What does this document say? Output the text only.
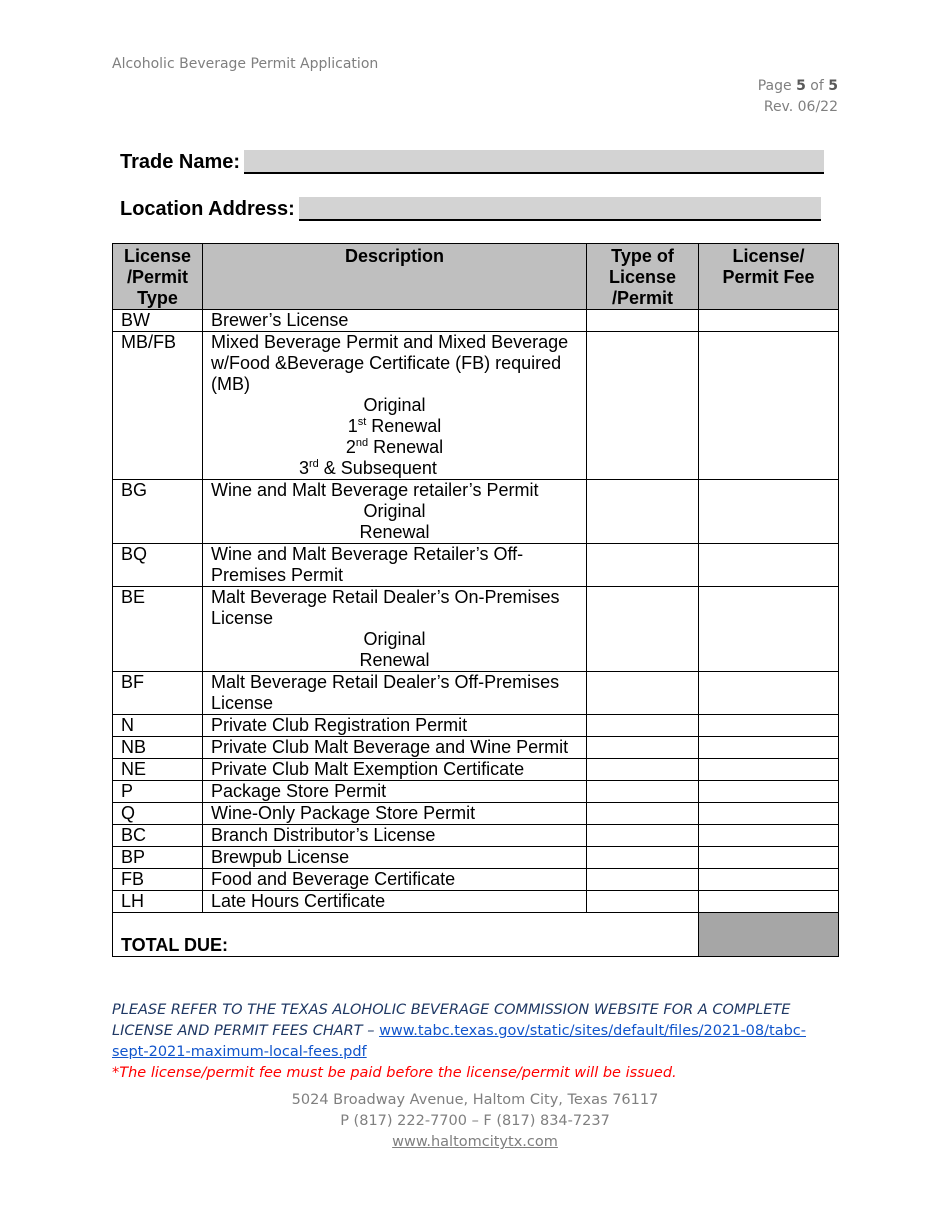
Alcoholic Beverage Permit Application
Page 5 of 5
Rev. 06/22
Trade Name:
Location Address:
License /Permit Type	Description	Type of License /Permit	License/ Permit Fee
BW	Brewer’s License		
MB/FB	Mixed Beverage Permit and Mixed Beverage w/Food &Beverage Certificate (FB) required (MB)
Original
1st Renewal
2nd Renewal
3rd & Subsequent		

BG	Wine and Malt Beverage retailer’s Permit
Original
Renewal		

BQ	Wine and Malt Beverage Retailer’s Off-Premises Permit		
BE	Malt Beverage Retail Dealer’s On-Premises License
Original
Renewal		

BF	Malt Beverage Retail Dealer’s Off-Premises License		
N	Private Club Registration Permit		
NB	Private Club Malt Beverage and Wine Permit		
NE	Private Club Malt Exemption Certificate		
P	Package Store Permit		
Q	Wine-Only Package Store Permit		
BC	Branch Distributor’s License		
BP	Brewpub License		
FB	Food and Beverage Certificate		
LH	Late Hours Certificate		
TOTAL DUE:			
PLEASE REFER TO THE TEXAS ALOHOLIC BEVERAGE COMMISSION WEBSITE FOR A COMPLETE LICENSE AND PERMIT FEES CHART – www.tabc.texas.gov/static/sites/default/files/2021-08/tabc-sept-2021-maximum-local-fees.pdf
*The license/permit fee must be paid before the license/permit will be issued.
5024 Broadway Avenue, Haltom City, Texas 76117
P (817) 222-7700 – F (817) 834-7237
www.haltomcitytx.com
